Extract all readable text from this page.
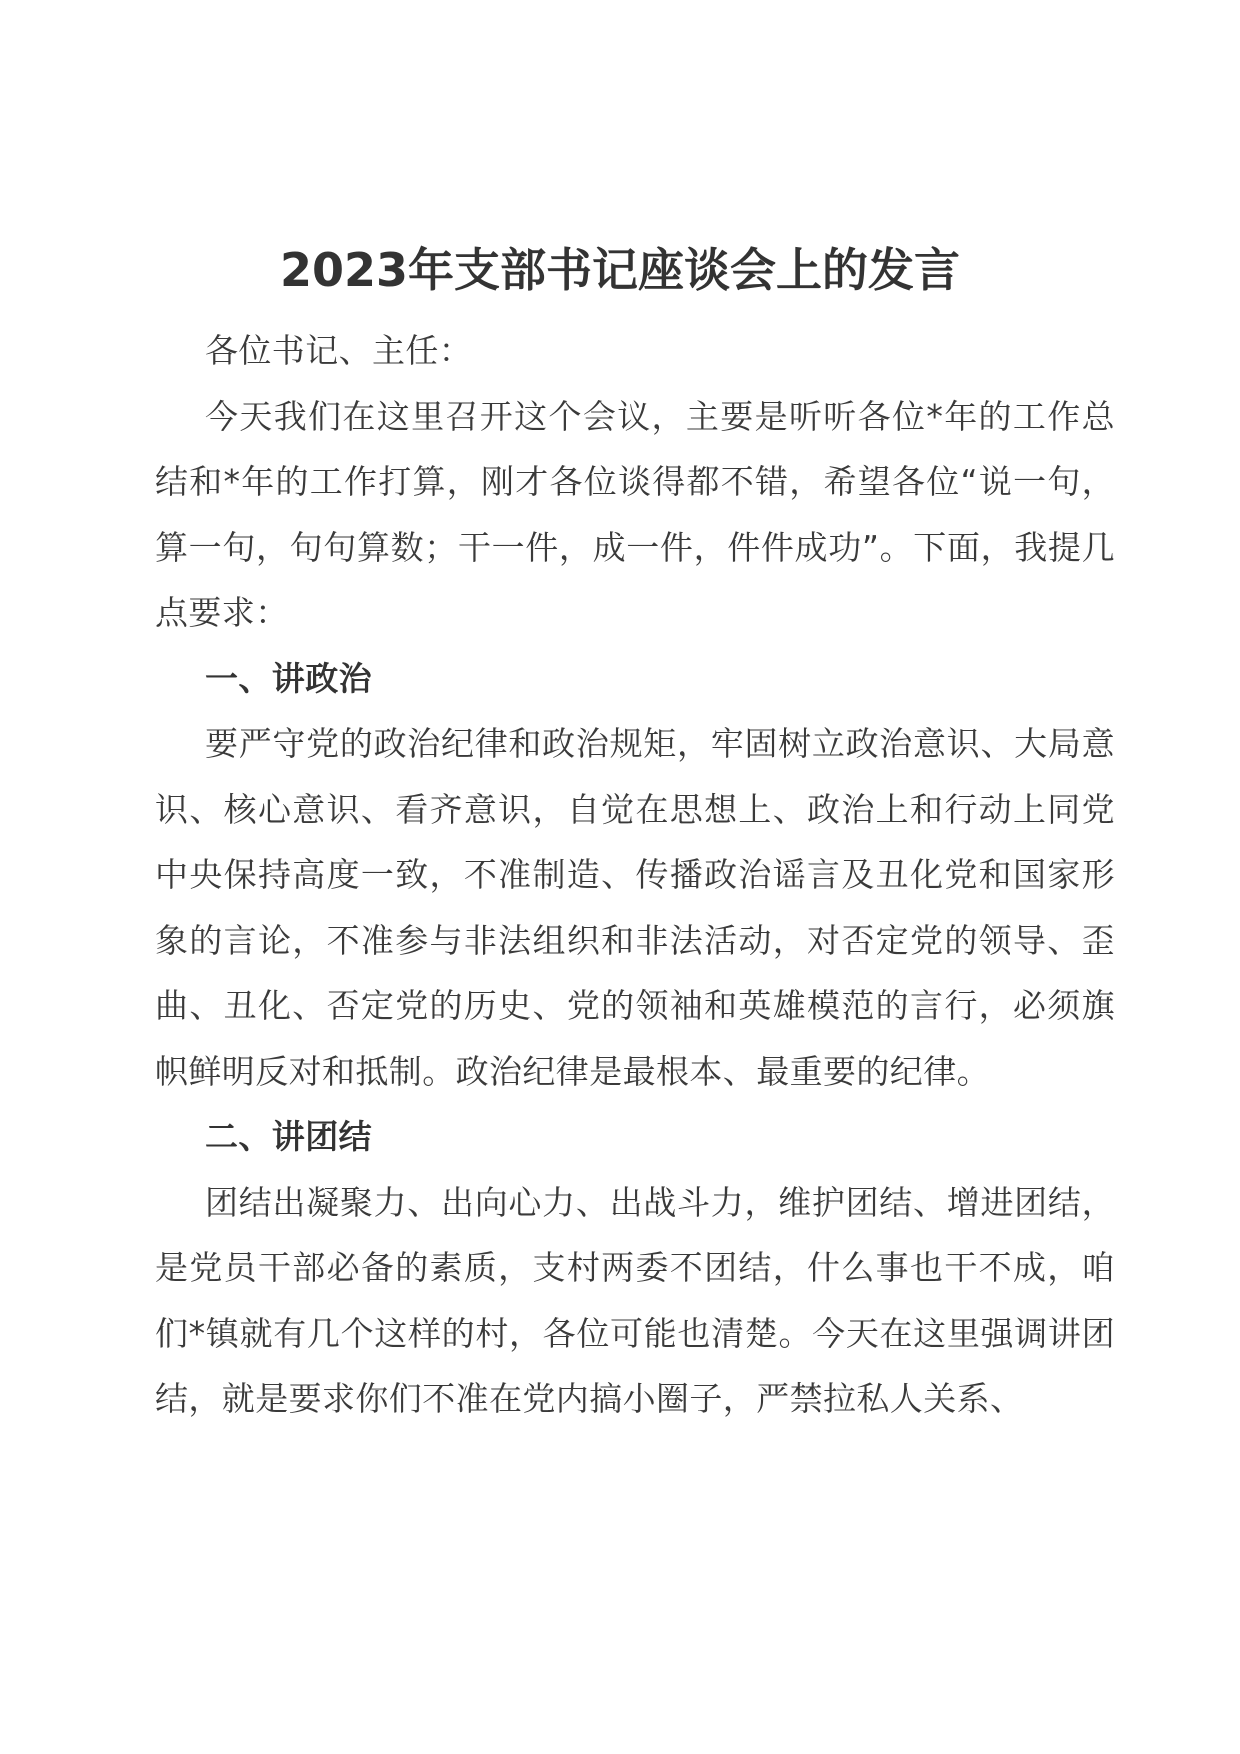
2023年支部书记座谈会上的发言

各位书记、主任：

今天我们在这里召开这个会议，主要是听听各位*年的工作总结和*年的工作打算，刚才各位谈得都不错，希望各位“说一句，算一句，句句算数；干一件，成一件，件件成功”。下面，我提几点要求：

一、讲政治

要严守党的政治纪律和政治规矩，牢固树立政治意识、大局意识、核心意识、看齐意识，自觉在思想上、政治上和行动上同党中央保持高度一致，不准制造、传播政治谣言及丑化党和国家形象的言论，不准参与非法组织和非法活动，对否定党的领导、歪曲、丑化、否定党的历史、党的领袖和英雄模范的言行，必须旗帜鲜明反对和抵制。政治纪律是最根本、最重要的纪律。

二、讲团结

团结出凝聚力、出向心力、出战斗力，维护团结、增进团结，是党员干部必备的素质，支村两委不团结，什么事也干不成，咱们*镇就有几个这样的村，各位可能也清楚。今天在这里强调讲团结，就是要求你们不准在党内搞小圈子，严禁拉私人关系、
